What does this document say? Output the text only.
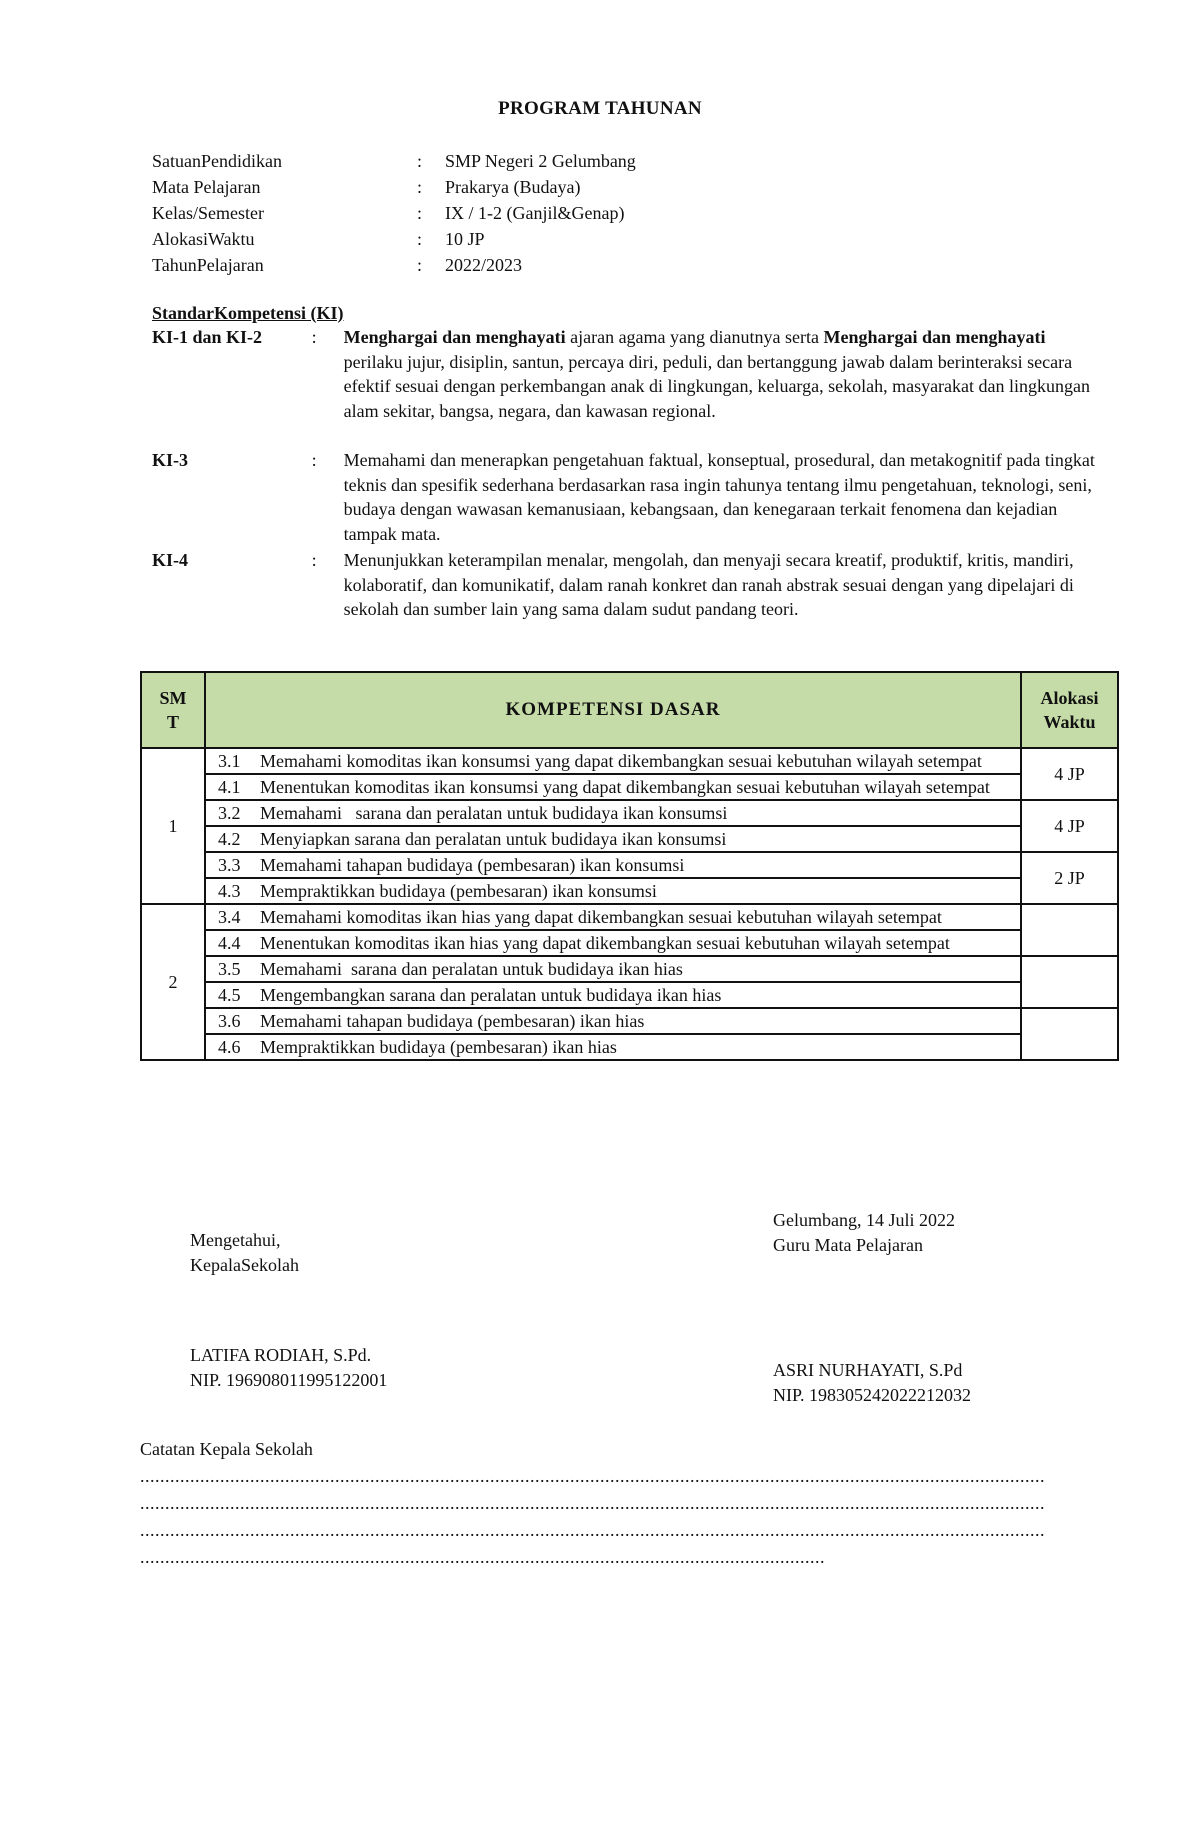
PROGRAM TAHUNAN
SatuanPendidikan	:	SMP Negeri 2 Gelumbang
Mata Pelajaran	:	Prakarya (Budaya)
Kelas/Semester	:	IX / 1-2 (Ganjil&Genap)
AlokasiWaktu	:	10 JP
TahunPelajaran	:	2022/2023
StandarKompetensi (KI)
KI-1 dan KI-2	:	Menghargai dan menghayati ajaran agama yang dianutnya serta Menghargai dan menghayati perilaku jujur, disiplin, santun, percaya diri, peduli, dan bertanggung jawab dalam berinteraksi secara efektif sesuai dengan perkembangan anak di lingkungan, keluarga, sekolah, masyarakat dan lingkungan alam sekitar, bangsa, negara, dan kawasan regional.
KI-3	:	Memahami dan menerapkan pengetahuan faktual, konseptual, prosedural, dan metakognitif pada tingkat teknis dan spesifik sederhana berdasarkan rasa ingin tahunya tentang ilmu pengetahuan, teknologi, seni, budaya dengan wawasan kemanusiaan, kebangsaan, dan kenegaraan terkait fenomena dan kejadian tampak mata.
KI-4	:	Menunjukkan keterampilan menalar, mengolah, dan menyaji secara kreatif, produktif, kritis, mandiri, kolaboratif, dan komunikatif, dalam ranah konkret dan ranah abstrak sesuai dengan yang dipelajari di sekolah dan sumber lain yang sama dalam sudut pandang teori.
SMT	KOMPETENSI DASAR	Alokasi Waktu
1	3.1 Memahami komoditas ikan konsumsi yang dapat dikembangkan sesuai kebutuhan wilayah setempat	4 JP

	4.1 Menentukan komoditas ikan konsumsi yang dapat dikembangkan sesuai kebutuhan wilayah setempat	

	3.2 Memahami   sarana dan peralatan untuk budidaya ikan konsumsi	4 JP

	4.2 Menyiapkan sarana dan peralatan untuk budidaya ikan konsumsi	

	3.3 Memahami tahapan budidaya (pembesaran) ikan konsumsi	2 JP

	4.3 Mempraktikkan budidaya (pembesaran) ikan konsumsi	

2	3.4 Memahami komoditas ikan hias yang dapat dikembangkan sesuai kebutuhan wilayah setempat	

	4.4 Menentukan komoditas ikan hias yang dapat dikembangkan sesuai kebutuhan wilayah setempat	

	3.5 Memahami  sarana dan peralatan untuk budidaya ikan hias	

	4.5 Mengembangkan sarana dan peralatan untuk budidaya ikan hias	

	3.6 Memahami tahapan budidaya (pembesaran) ikan hias	

	4.6 Mempraktikkan budidaya (pembesaran) ikan hias	
Mengetahui,
KepalaSekolah
Gelumbang, 14 Juli 2022
Guru Mata Pelajaran
LATIFA RODIAH, S.Pd.
NIP. 196908011995122001	ASRI NURHAYATI, S.Pd
NIP. 198305242022212032
Catatan Kepala Sekolah
.....................................................................................................................................................................................
.....................................................................................................................................................................................
.....................................................................................................................................................................................
.........................................................................................................................................
